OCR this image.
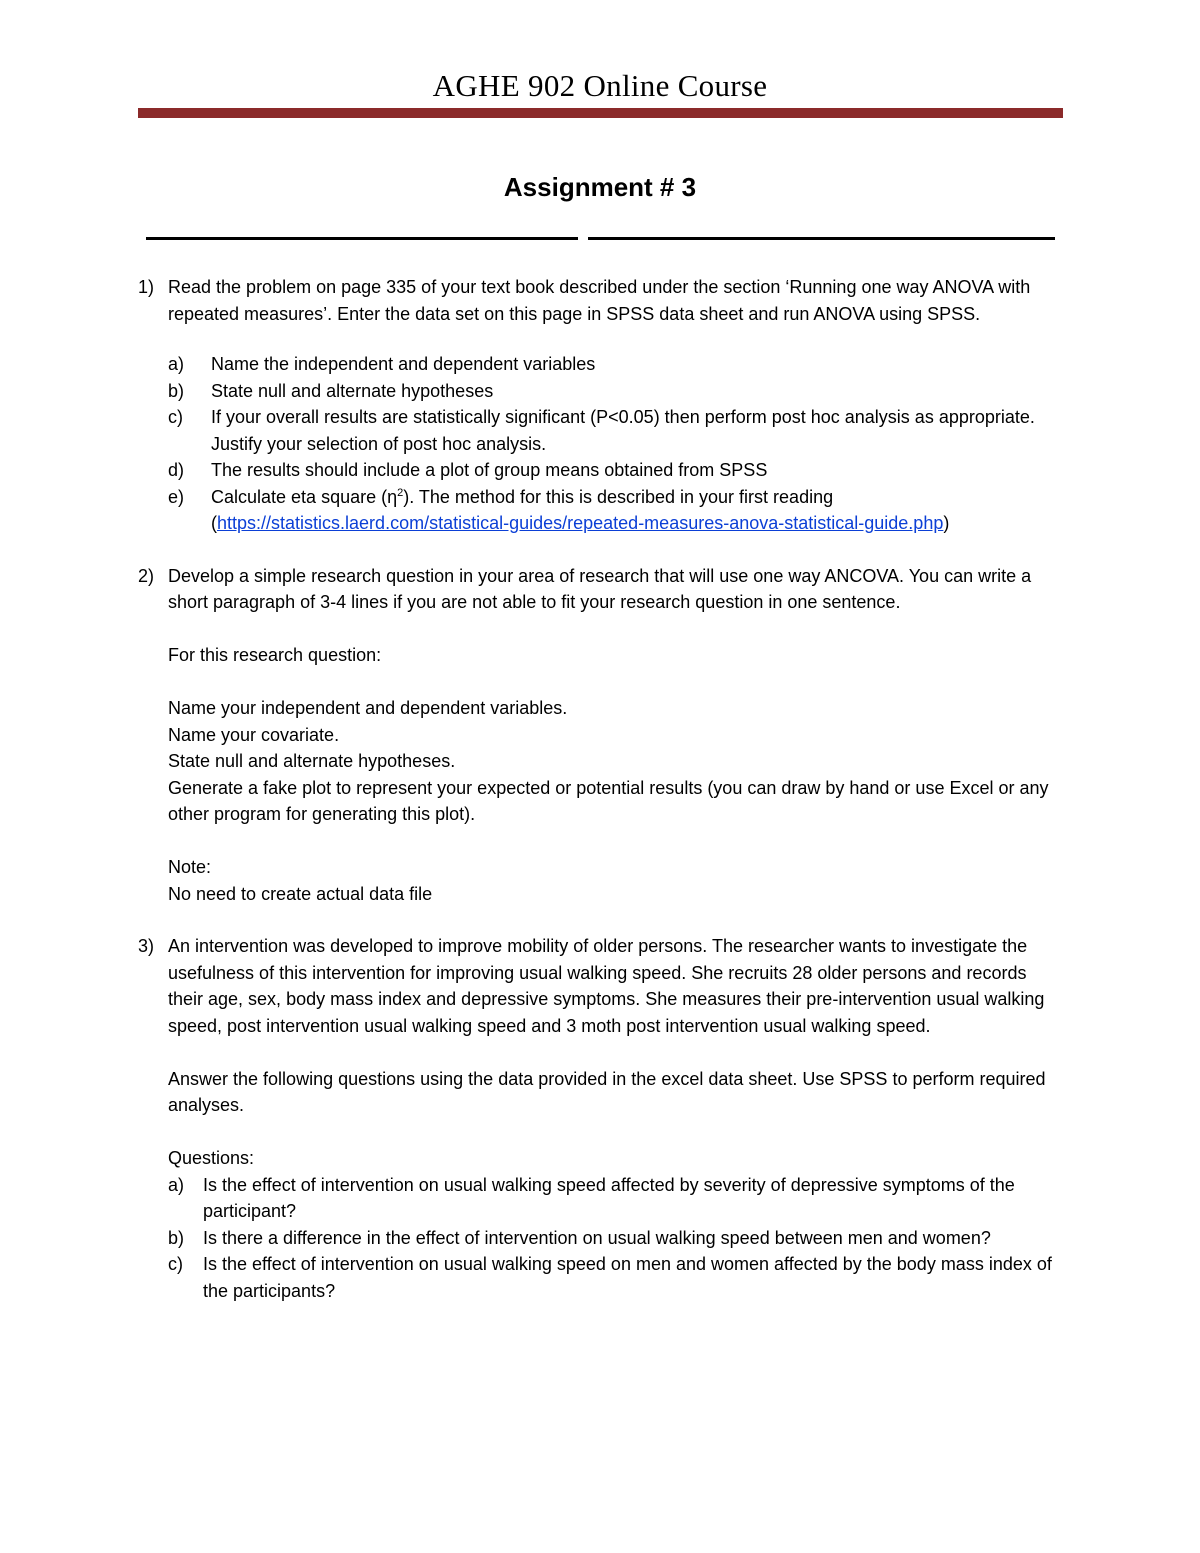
AGHE 902 Online Course
Assignment # 3
1) Read the problem on page 335 of your text book described under the section ‘Running one way ANOVA with repeated measures’. Enter the data set on this page in SPSS data sheet and run ANOVA using SPSS.

a) Name the independent and dependent variables
b) State null and alternate hypotheses
c) If your overall results are statistically significant (P<0.05) then perform post hoc analysis as appropriate. Justify your selection of post hoc analysis.
d) The results should include a plot of group means obtained from SPSS
e) Calculate eta square $(\eta^2)$. The method for this is described in your first reading
(https://statistics.laerd.com/statistical-guides/repeated-measures-anova-statistical-guide.php)
2) Develop a simple research question in your area of research that will use one way ANCOVA. You can write a short paragraph of 3-4 lines if you are not able to fit your research question in one sentence.

For this research question:

Name your independent and dependent variables.

Name your covariate.

State null and alternate hypotheses.

Generate a fake plot to represent your expected or potential results (you can draw by hand or use Excel or any other program for generating this plot).

Note:

No need to create actual data file

3) An intervention was developed to improve mobility of older persons. The researcher wants to investigate the usefulness of this intervention for improving usual walking speed. She recruits 28 older persons and records their age, sex, body mass index and depressive symptoms. She measures their pre-intervention usual walking speed, post intervention usual walking speed and 3 moth post intervention usual walking speed.

Answer the following questions using the data provided in the excel data sheet. Use SPSS to perform required analyses.

Questions:

a) Is the effect of intervention on usual walking speed affected by severity of depressive symptoms of the participant?
b) Is there a difference in the effect of intervention on usual walking speed between men and women?
c) Is the effect of intervention on usual walking speed on men and women affected by the body mass index of the participants?
